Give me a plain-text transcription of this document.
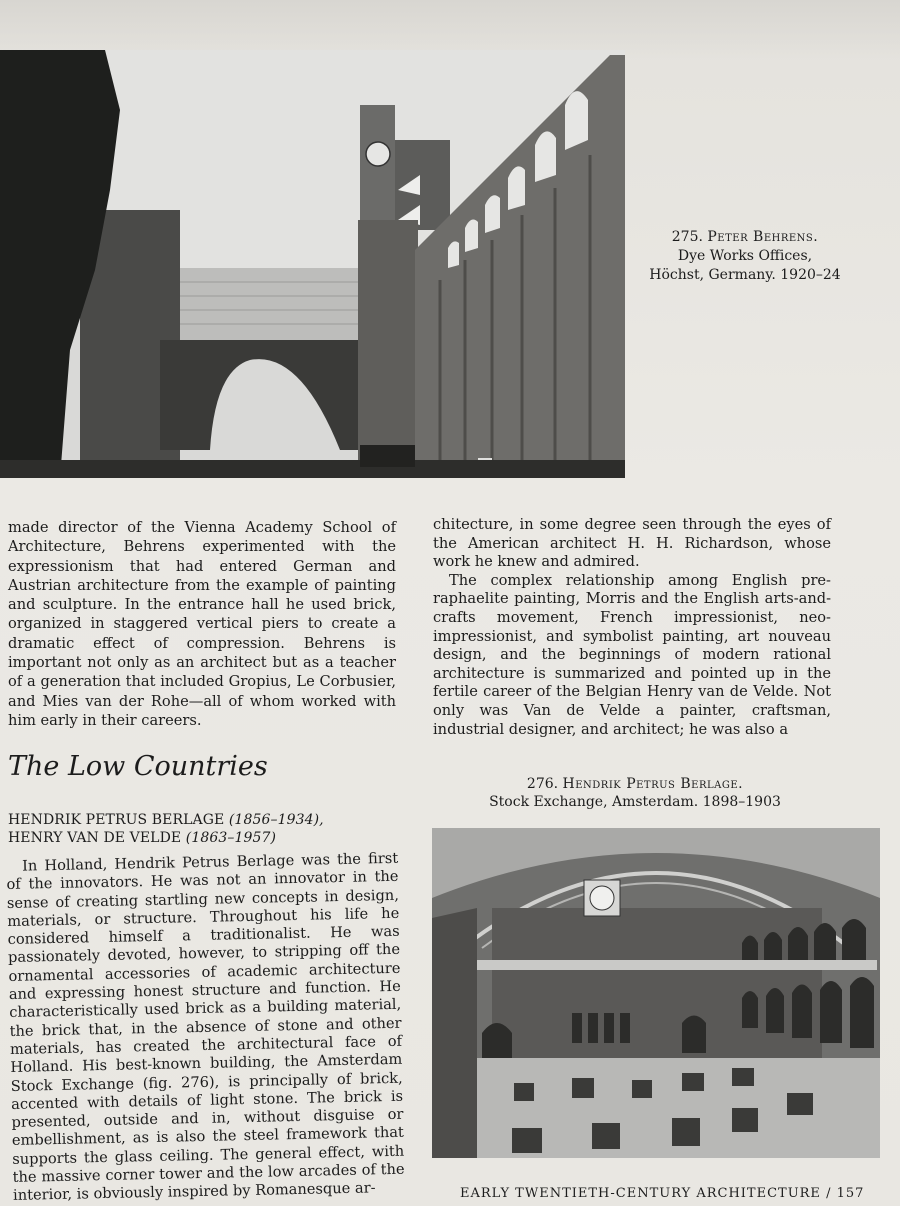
275. Peter Behrens.
Dye Works Offices,
Höchst, Germany. 1920–24

made director of the Vienna Academy School of Architecture, Behrens experimented with the expressionism that had entered German and Austrian architecture from the example of painting and sculpture. In the entrance hall he used brick, organized in staggered vertical piers to create a dramatic effect of compression. Behrens is important not only as an architect but as a teacher of a generation that included Gropius, Le Corbusier, and Mies van der Rohe—all of whom worked with him early in their careers.

chitecture, in some degree seen through the eyes of the American architect H. H. Richardson, whose work he knew and admired.

The complex relationship among English pre-raphaelite painting, Morris and the English arts-and-crafts movement, French impressionist, neo-impressionist, and symbolist painting, art nouveau design, and the beginnings of modern rational architecture is summarized and pointed up in the fertile career of the Belgian Henry van de Velde. Not only was Van de Velde a painter, craftsman, industrial designer, and architect; he was also a

The Low Countries
HENDRIK PETRUS BERLAGE (1856–1934),
HENRY VAN DE VELDE (1863–1957)

In Holland, Hendrik Petrus Berlage was the first of the innovators. He was not an innovator in the sense of creating startling new concepts in design, materials, or structure. Throughout his life he considered himself a traditionalist. He was passionately devoted, however, to stripping off the ornamental accessories of academic architecture and expressing honest structure and function. He characteristically used brick as a building material, the brick that, in the absence of stone and other materials, has created the architectural face of Holland. His best-known building, the Amsterdam Stock Exchange (fig. 276), is principally of brick, accented with details of light stone. The brick is presented, outside and in, without disguise or embellishment, as is also the steel framework that supports the glass ceiling. The general effect, with the massive corner tower and the low arcades of the interior, is obviously inspired by Romanesque ar-

276. Hendrik Petrus Berlage.
Stock Exchange, Amsterdam. 1898–1903
EARLY TWENTIETH-CENTURY ARCHITECTURE / 157
